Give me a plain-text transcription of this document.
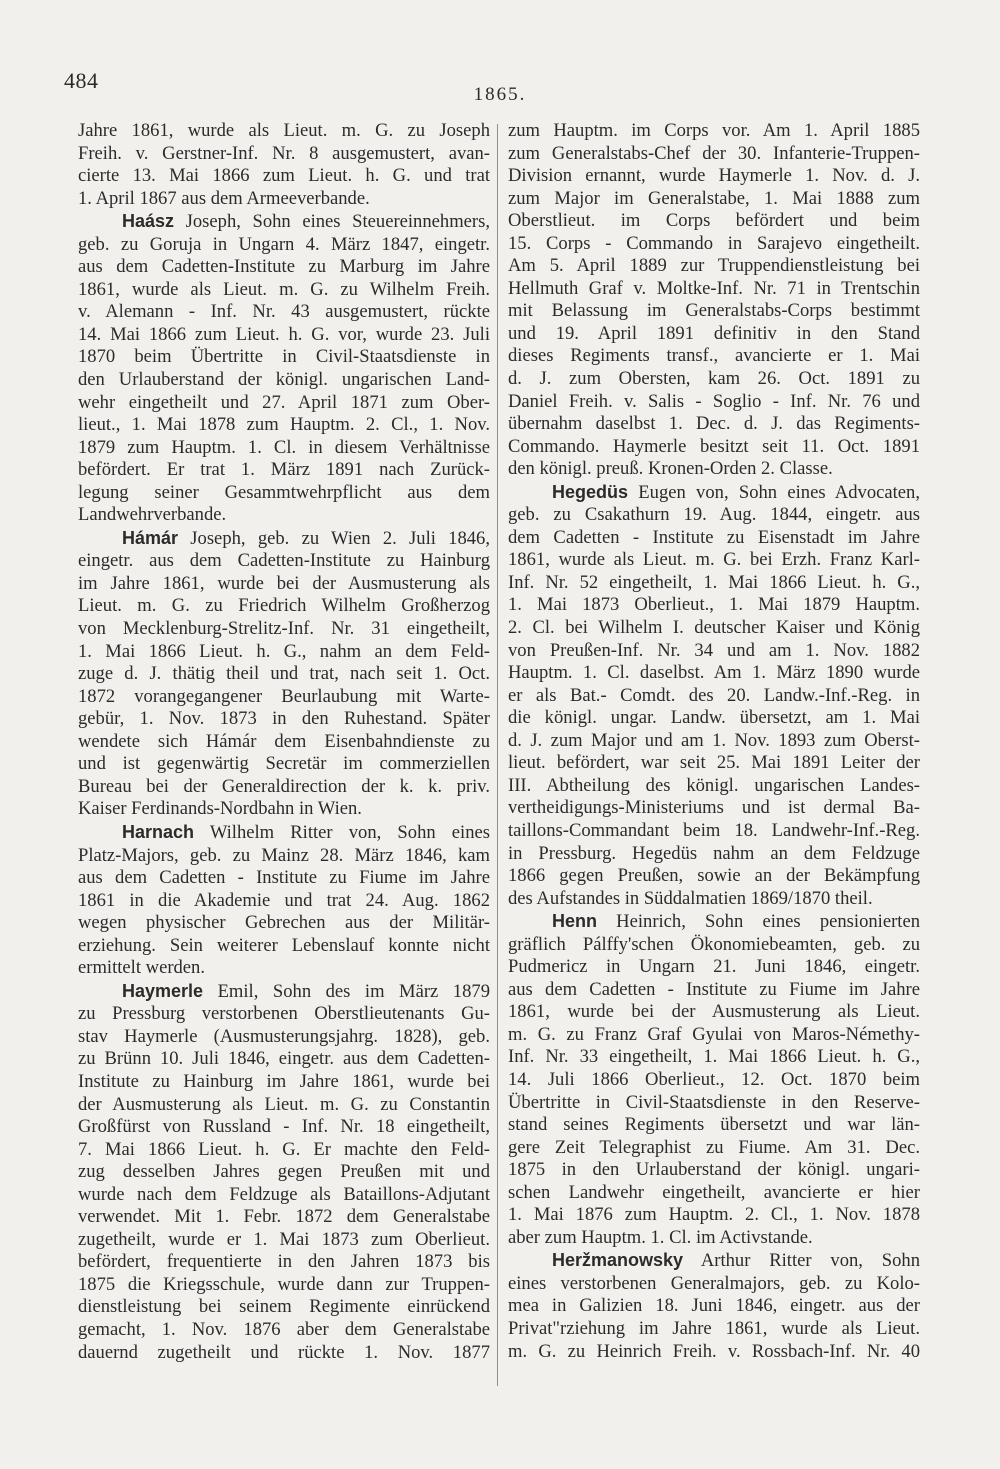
484
1865.
Jahre 1861, wurde als Lieut. m. G. zu Joseph
Freih. v. Gerstner-Inf. Nr. 8 ausgemustert, avan-
cierte 13. Mai 1866 zum Lieut. h. G. und trat
1. April 1867 aus dem Armeeverbande.
Haász Joseph, Sohn eines Steuereinnehmers,
geb. zu Goruja in Ungarn 4. März 1847, eingetr.
aus dem Cadetten-Institute zu Marburg im Jahre
1861, wurde als Lieut. m. G. zu Wilhelm Freih.
v. Alemann - Inf. Nr. 43 ausgemustert, rückte
14. Mai 1866 zum Lieut. h. G. vor, wurde 23. Juli
1870 beim Übertritte in Civil-Staatsdienste in
den Urlauberstand der königl. ungarischen Land-
wehr eingetheilt und 27. April 1871 zum Ober-
lieut., 1. Mai 1878 zum Hauptm. 2. Cl., 1. Nov.
1879 zum Hauptm. 1. Cl. in diesem Verhältnisse
befördert. Er trat 1. März 1891 nach Zurück-
legung seiner Gesammtwehrpflicht aus dem
Landwehrverbande.
Hámár Joseph, geb. zu Wien 2. Juli 1846,
eingetr. aus dem Cadetten-Institute zu Hainburg
im Jahre 1861, wurde bei der Ausmusterung als
Lieut. m. G. zu Friedrich Wilhelm Großherzog
von Mecklenburg-Strelitz-Inf. Nr. 31 eingetheilt,
1. Mai 1866 Lieut. h. G., nahm an dem Feld-
zuge d. J. thätig theil und trat, nach seit 1. Oct.
1872 vorangegangener Beurlaubung mit Warte-
gebür, 1. Nov. 1873 in den Ruhestand. Später
wendete sich Hámár dem Eisenbahndienste zu
und ist gegenwärtig Secretär im commerziellen
Bureau bei der Generaldirection der k. k. priv.
Kaiser Ferdinands-Nordbahn in Wien.
Harnach Wilhelm Ritter von, Sohn eines
Platz-Majors, geb. zu Mainz 28. März 1846, kam
aus dem Cadetten - Institute zu Fiume im Jahre
1861 in die Akademie und trat 24. Aug. 1862
wegen physischer Gebrechen aus der Militär-
erziehung. Sein weiterer Lebenslauf konnte nicht
ermittelt werden.
Haymerle Emil, Sohn des im März 1879
zu Pressburg verstorbenen Oberstlieutenants Gu-
stav Haymerle (Ausmusterungsjahrg. 1828), geb.
zu Brünn 10. Juli 1846, eingetr. aus dem Cadetten-
Institute zu Hainburg im Jahre 1861, wurde bei
der Ausmusterung als Lieut. m. G. zu Constantin
Großfürst von Russland - Inf. Nr. 18 eingetheilt,
7. Mai 1866 Lieut. h. G. Er machte den Feld-
zug desselben Jahres gegen Preußen mit und
wurde nach dem Feldzuge als Bataillons-Adjutant
verwendet. Mit 1. Febr. 1872 dem Generalstabe
zugetheilt, wurde er 1. Mai 1873 zum Oberlieut.
befördert, frequentierte in den Jahren 1873 bis
1875 die Kriegsschule, wurde dann zur Truppen-
dienstleistung bei seinem Regimente einrückend
gemacht, 1. Nov. 1876 aber dem Generalstabe
dauernd zugetheilt und rückte 1. Nov. 1877
zum Hauptm. im Corps vor. Am 1. April 1885
zum Generalstabs-Chef der 30. Infanterie-Truppen-
Division ernannt, wurde Haymerle 1. Nov. d. J.
zum Major im Generalstabe, 1. Mai 1888 zum
Oberstlieut. im Corps befördert und beim
15. Corps - Commando in Sarajevo eingetheilt.
Am 5. April 1889 zur Truppendienstleistung bei
Hellmuth Graf v. Moltke-Inf. Nr. 71 in Trentschin
mit Belassung im Generalstabs-Corps bestimmt
und 19. April 1891 definitiv in den Stand
dieses Regiments transf., avancierte er 1. Mai
d. J. zum Obersten, kam 26. Oct. 1891 zu
Daniel Freih. v. Salis - Soglio - Inf. Nr. 76 und
übernahm daselbst 1. Dec. d. J. das Regiments-
Commando. Haymerle besitzt seit 11. Oct. 1891
den königl. preuß. Kronen-Orden 2. Classe.
Hegedüs Eugen von, Sohn eines Advocaten,
geb. zu Csakathurn 19. Aug. 1844, eingetr. aus
dem Cadetten - Institute zu Eisenstadt im Jahre
1861, wurde als Lieut. m. G. bei Erzh. Franz Karl-
Inf. Nr. 52 eingetheilt, 1. Mai 1866 Lieut. h. G.,
1. Mai 1873 Oberlieut., 1. Mai 1879 Hauptm.
2. Cl. bei Wilhelm I. deutscher Kaiser und König
von Preußen-Inf. Nr. 34 und am 1. Nov. 1882
Hauptm. 1. Cl. daselbst. Am 1. März 1890 wurde
er als Bat.- Comdt. des 20. Landw.-Inf.-Reg. in
die königl. ungar. Landw. übersetzt, am 1. Mai
d. J. zum Major und am 1. Nov. 1893 zum Oberst-
lieut. befördert, war seit 25. Mai 1891 Leiter der
III. Abtheilung des königl. ungarischen Landes-
vertheidigungs-Ministeriums und ist dermal Ba-
taillons-Commandant beim 18. Landwehr-Inf.-Reg.
in Pressburg. Hegedüs nahm an dem Feldzuge
1866 gegen Preußen, sowie an der Bekämpfung
des Aufstandes in Süddalmatien 1869/1870 theil.
Henn Heinrich, Sohn eines pensionierten
gräflich Pálffy'schen Ökonomiebeamten, geb. zu
Pudmericz in Ungarn 21. Juni 1846, eingetr.
aus dem Cadetten - Institute zu Fiume im Jahre
1861, wurde bei der Ausmusterung als Lieut.
m. G. zu Franz Graf Gyulai von Maros-Némethy-
Inf. Nr. 33 eingetheilt, 1. Mai 1866 Lieut. h. G.,
14. Juli 1866 Oberlieut., 12. Oct. 1870 beim
Übertritte in Civil-Staatsdienste in den Reserve-
stand seines Regiments übersetzt und war län-
gere Zeit Telegraphist zu Fiume. Am 31. Dec.
1875 in den Urlauberstand der königl. ungari-
schen Landwehr eingetheilt, avancierte er hier
1. Mai 1876 zum Hauptm. 2. Cl., 1. Nov. 1878
aber zum Hauptm. 1. Cl. im Activstande.
Heržmanowsky Arthur Ritter von, Sohn
eines verstorbenen Generalmajors, geb. zu Kolo-
mea in Galizien 18. Juni 1846, eingetr. aus der
Privat"rziehung im Jahre 1861, wurde als Lieut.
m. G. zu Heinrich Freih. v. Rossbach-Inf. Nr. 40
